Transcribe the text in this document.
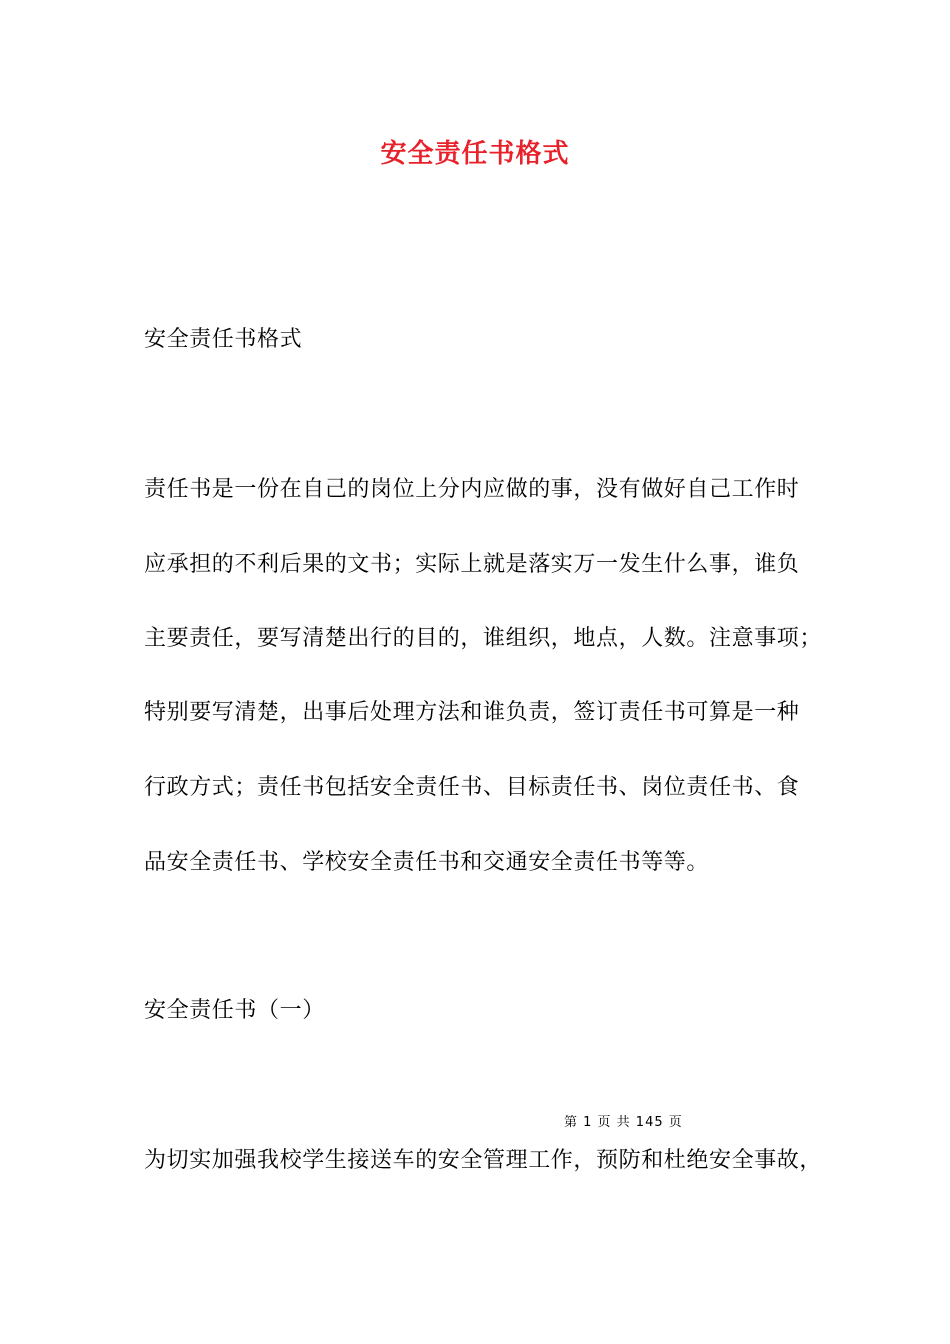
安全责任书格式
安全责任书格式
责任书是一份在自己的岗位上分内应做的事，没有做好自己工作时
应承担的不利后果的文书；实际上就是落实万一发生什么事，谁负
主要责任，要写清楚出行的目的，谁组织，地点，人数。注意事项；
特别要写清楚，出事后处理方法和谁负责，签订责任书可算是一种
行政方式；责任书包括安全责任书、目标责任书、岗位责任书、食
品安全责任书、学校安全责任书和交通安全责任书等等。
安全责任书（一）
第 1 页 共 145 页
为切实加强我校学生接送车的安全管理工作，预防和杜绝安全事故，
